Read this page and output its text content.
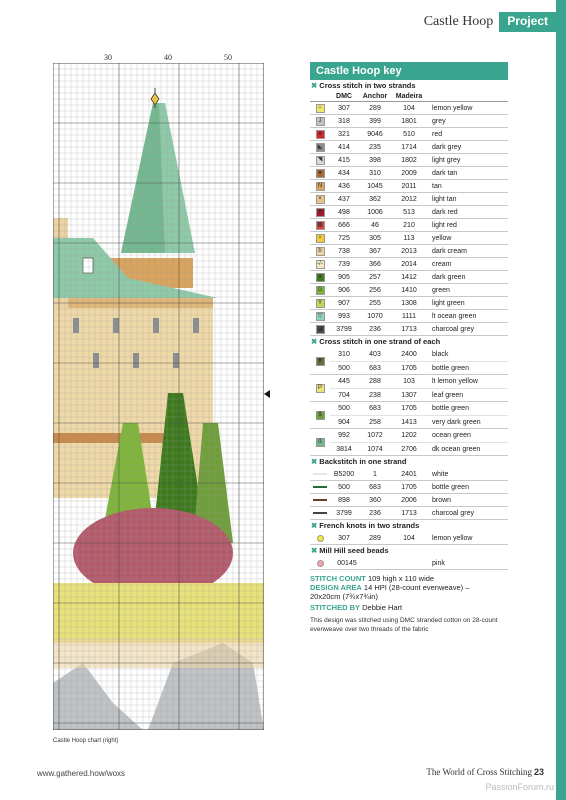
Castle Hoop	Project
30	40	50
Castle Hoop chart (right)
Castle Hoop key
✖ Cross stitch in two strands
DMC	Anchor	Madeira
☆	307	289	104	lemon yellow
J	318	399	1801	grey
●	321	9046	510	red
◣	414	235	1714	dark grey
◥	415	398	1802	light grey
●	434	310	2009	dark tan
N	436	1045	2011	tan
×	437	362	2012	light tan
♥	498	1006	513	dark red
▩	666	46	210	light red
♀	725	305	113	yellow
b	738	367	2013	dark cream
-/-	739	366	2014	cream
♦	905	257	1412	dark green
G	906	256	1410	green
Y	907	255	1308	light green
▽	993	1070	1111	lt ocean green
◪	3799	236	1713	charcoal grey
✖ Cross stitch in one strand of each
▼
310	403	2400	black
500	683	1705	bottle green
P
445	288	103	lt lemon yellow
704	238	1307	leaf green
$
500	683	1705	bottle green
904	258	1413	very dark green
ß
992	1072	1202	ocean green
3814	1074	2706	dk ocean green
✖ Backstitch in one strand
B5200	1	2401	white
500	683	1705	bottle green
898	360	2006	brown
3799	236	1713	charcoal grey
✖ French knots in two strands
307	289	104	lemon yellow
✖ Mill Hill seed beads
00145	pink
STITCH COUNT 109 high x 110 wide
DESIGN AREA 14 HPI (28-count evenweave) –
20x20cm (7¾x7¾in)
STITCHED BY Debbie Hart
This design was stitched using DMC stranded cotton on 28-count evenweave over two threads of the fabric
www.gathered.how/woxs	The World of Cross Stitching 23
PassionForum.ru
